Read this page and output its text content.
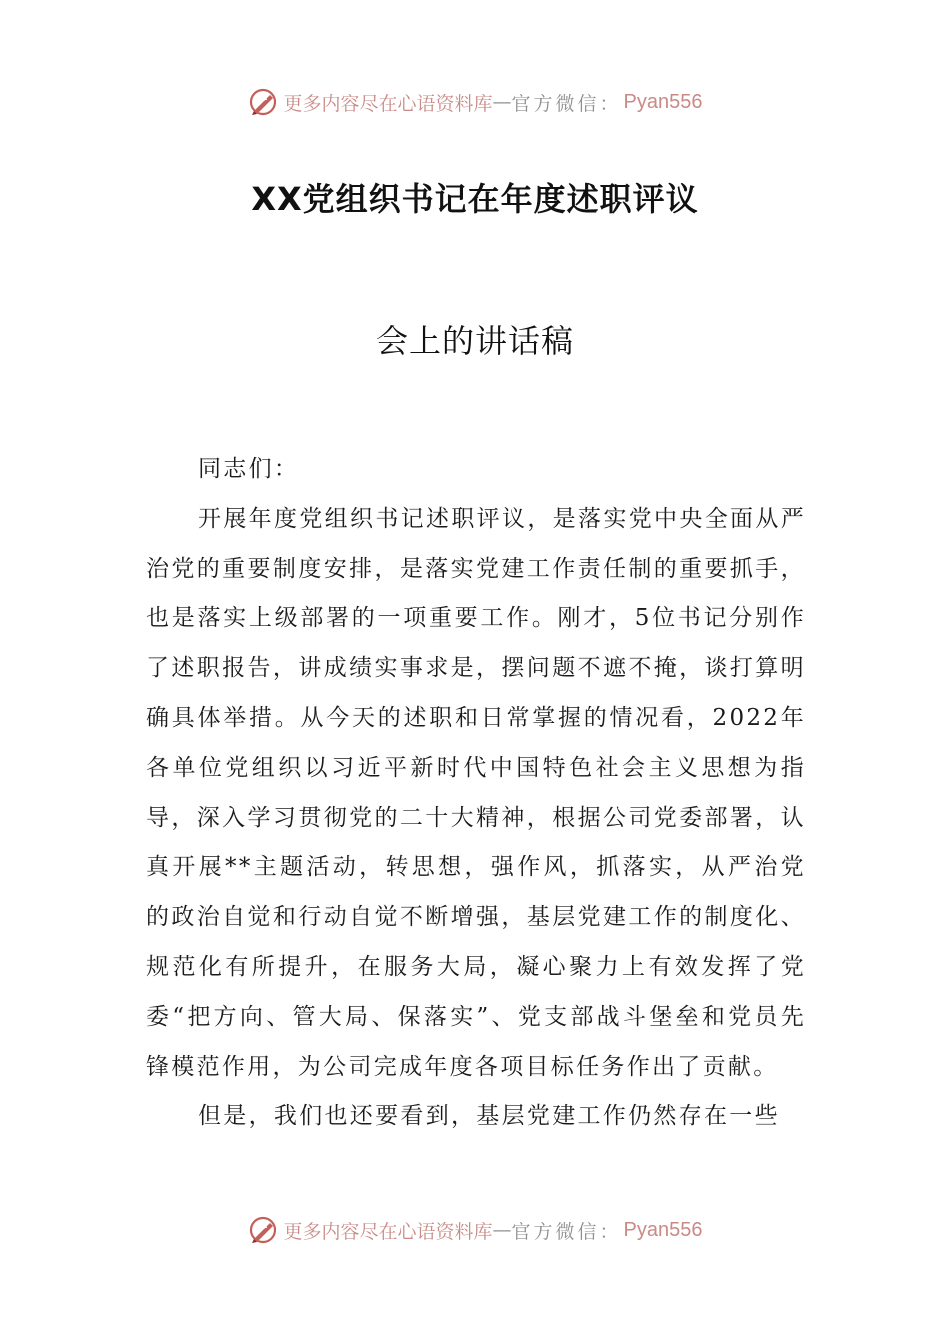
更多内容尽在心语资料库 — 官方微信： Pyan556
XX党组织书记在年度述职评议
会上的讲话稿

同志们：

开展年度党组织书记述职评议，是落实党中央全面从严治党的重要制度安排，是落实党建工作责任制的重要抓手，也是落实上级部署的一项重要工作。刚才，5位书记分别作了述职报告，讲成绩实事求是，摆问题不遮不掩，谈打算明确具体举措。从今天的述职和日常掌握的情况看，2022年各单位党组织以习近平新时代中国特色社会主义思想为指导，深入学习贯彻党的二十大精神，根据公司党委部署，认真开展**主题活动，转思想，强作风，抓落实，从严治党的政治自觉和行动自觉不断增强，基层党建工作的制度化、规范化有所提升，在服务大局，凝心聚力上有效发挥了党委“把方向、管大局、保落实”、党支部战斗堡垒和党员先锋模范作用，为公司完成年度各项目标任务作出了贡献。

但是，我们也还要看到，基层党建工作仍然存在一些

更多内容尽在心语资料库 — 官方微信： Pyan556
